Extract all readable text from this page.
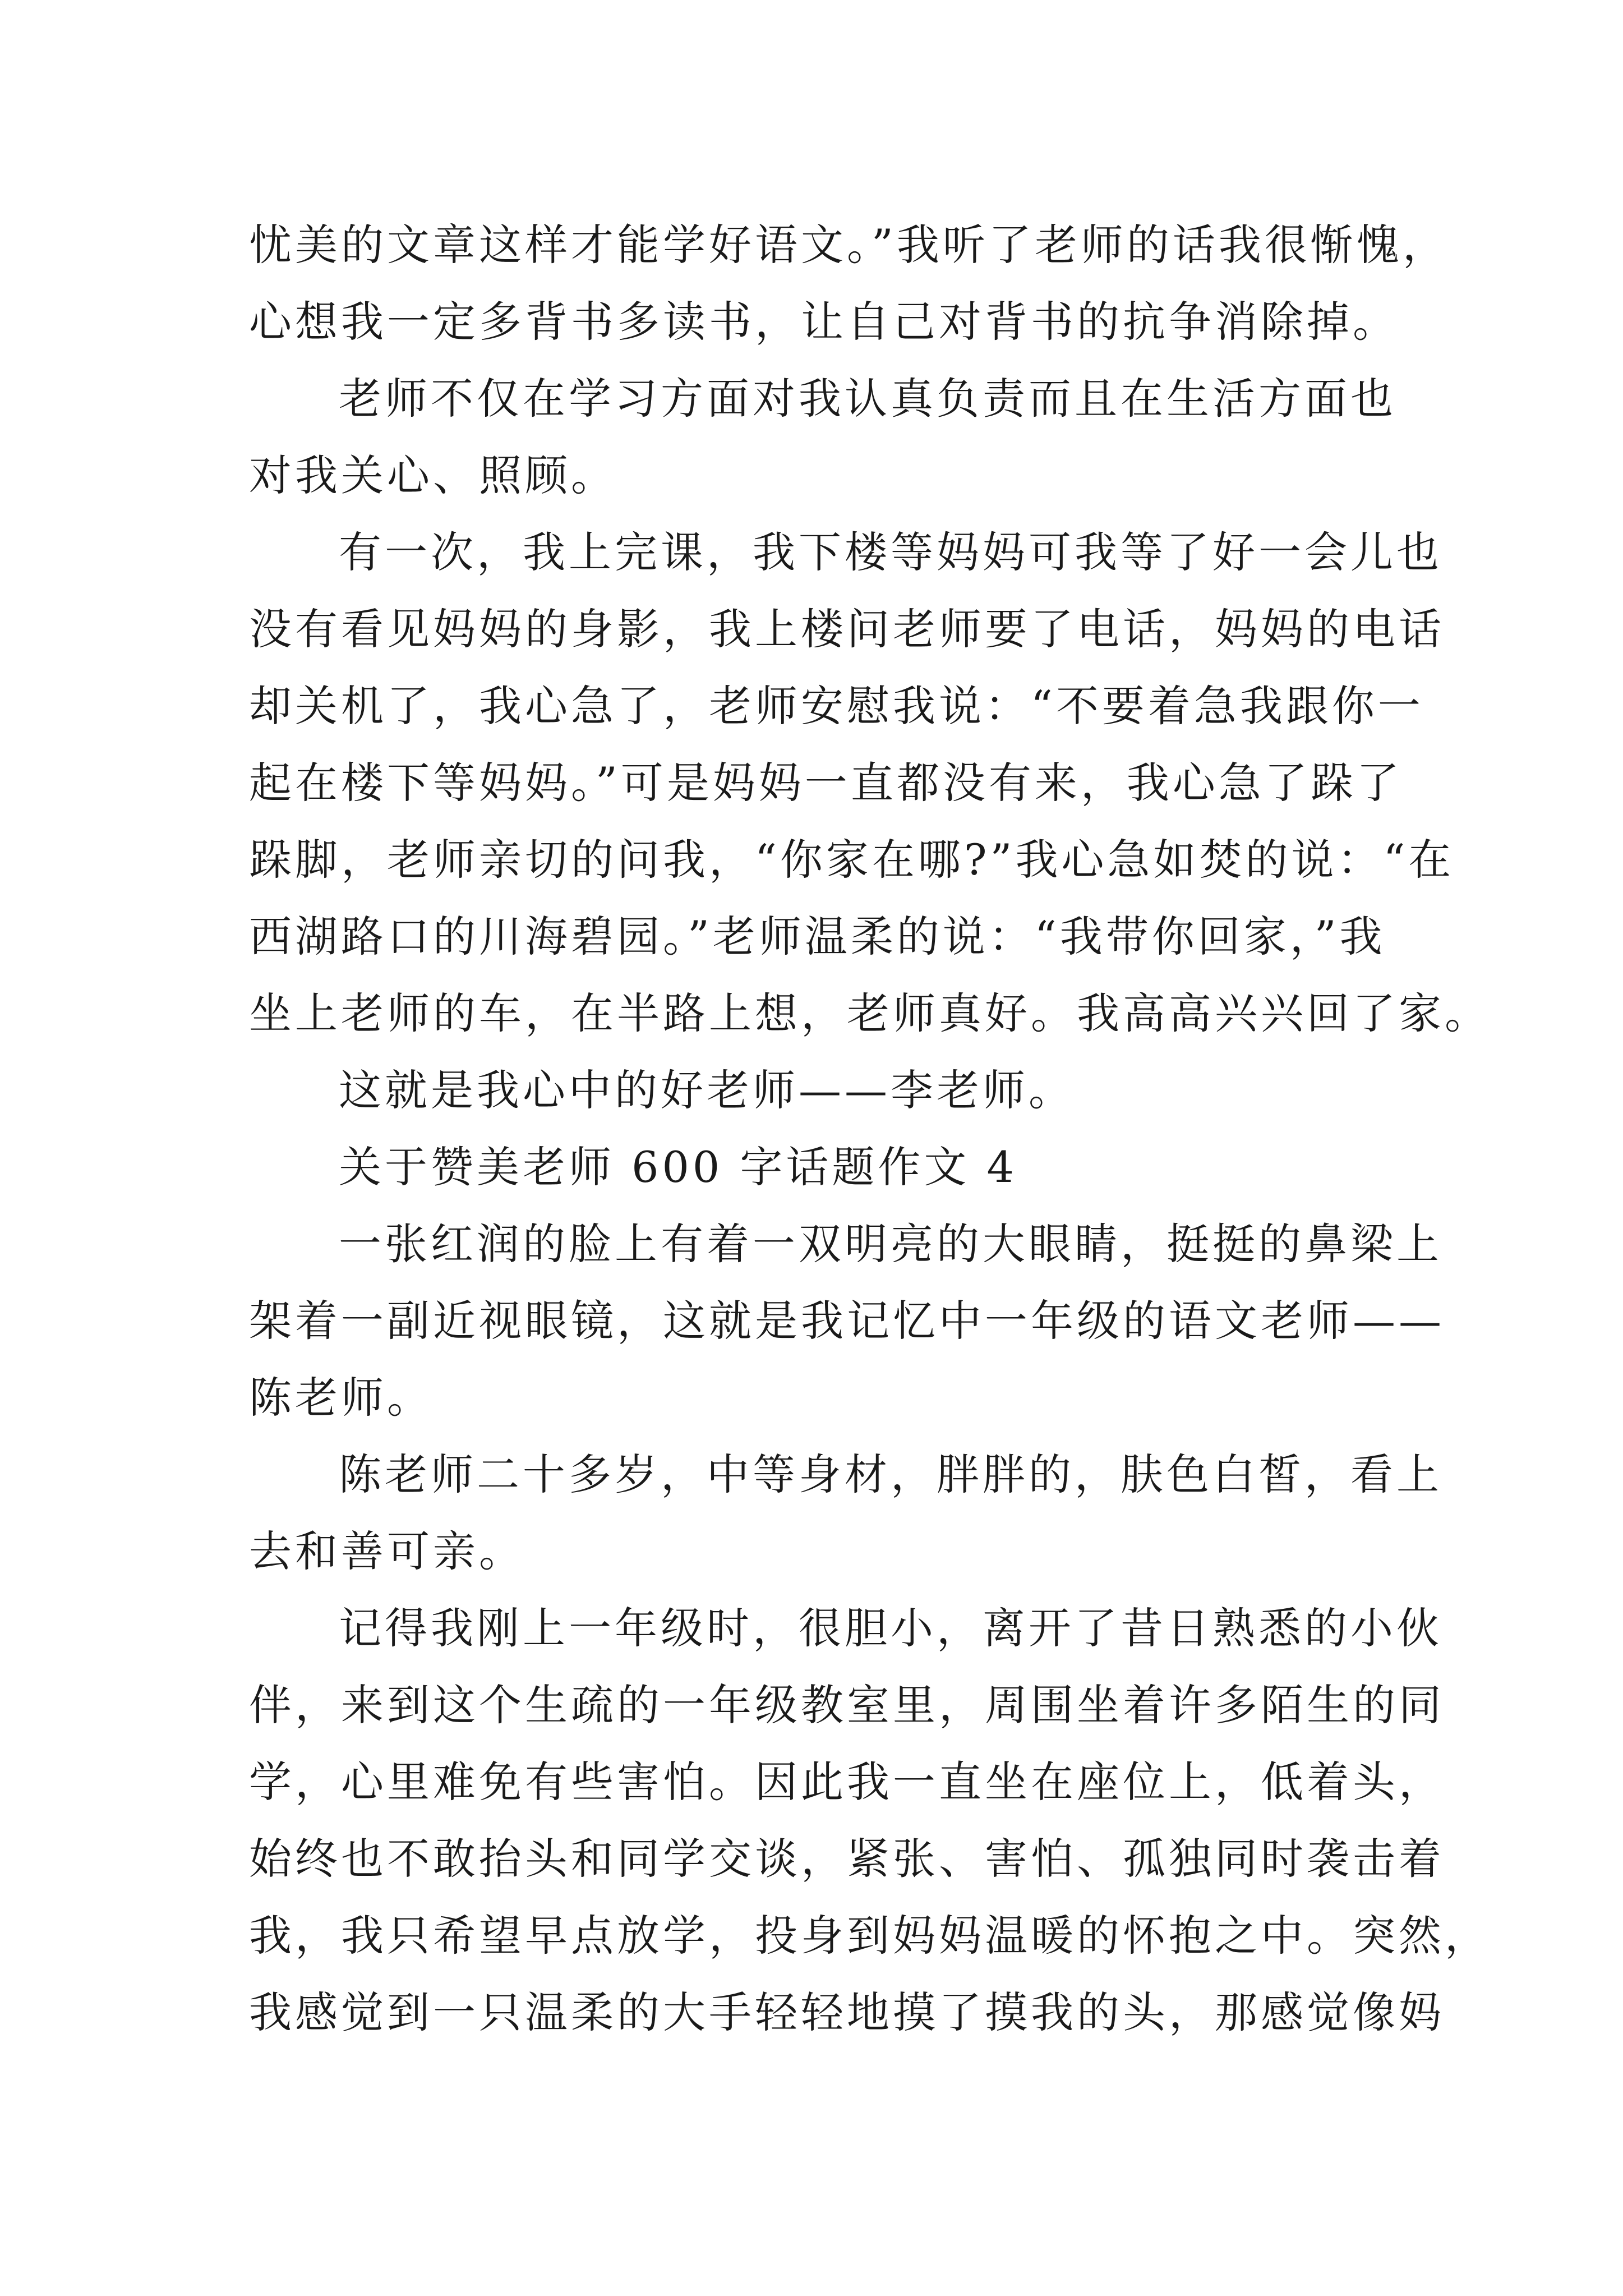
忧美的文章这样才能学好语文。”我听了老师的话我很惭愧，
心想我一定多背书多读书，让自己对背书的抗争消除掉。

老师不仅在学习方面对我认真负责而且在生活方面也
对我关心、照顾。

有一次，我上完课，我下楼等妈妈可我等了好一会儿也
没有看见妈妈的身影，我上楼问老师要了电话，妈妈的电话
却关机了，我心急了，老师安慰我说：“不要着急我跟你一
起在楼下等妈妈。”可是妈妈一直都没有来，我心急了跺了
跺脚，老师亲切的问我，“你家在哪?”我心急如焚的说：“在
西湖路口的川海碧园。”老师温柔的说：“我带你回家，”我
坐上老师的车，在半路上想，老师真好。我高高兴兴回了家。

这就是我心中的好老师——李老师。

关于赞美老师 600 字话题作文 4

一张红润的脸上有着一双明亮的大眼睛，挺挺的鼻梁上
架着一副近视眼镜，这就是我记忆中一年级的语文老师——
陈老师。

陈老师二十多岁，中等身材，胖胖的，肤色白皙，看上
去和善可亲。

记得我刚上一年级时，很胆小，离开了昔日熟悉的小伙
伴，来到这个生疏的一年级教室里，周围坐着许多陌生的同
学，心里难免有些害怕。因此我一直坐在座位上，低着头，
始终也不敢抬头和同学交谈，紧张、害怕、孤独同时袭击着
我，我只希望早点放学，投身到妈妈温暖的怀抱之中。突然，
我感觉到一只温柔的大手轻轻地摸了摸我的头，那感觉像妈
